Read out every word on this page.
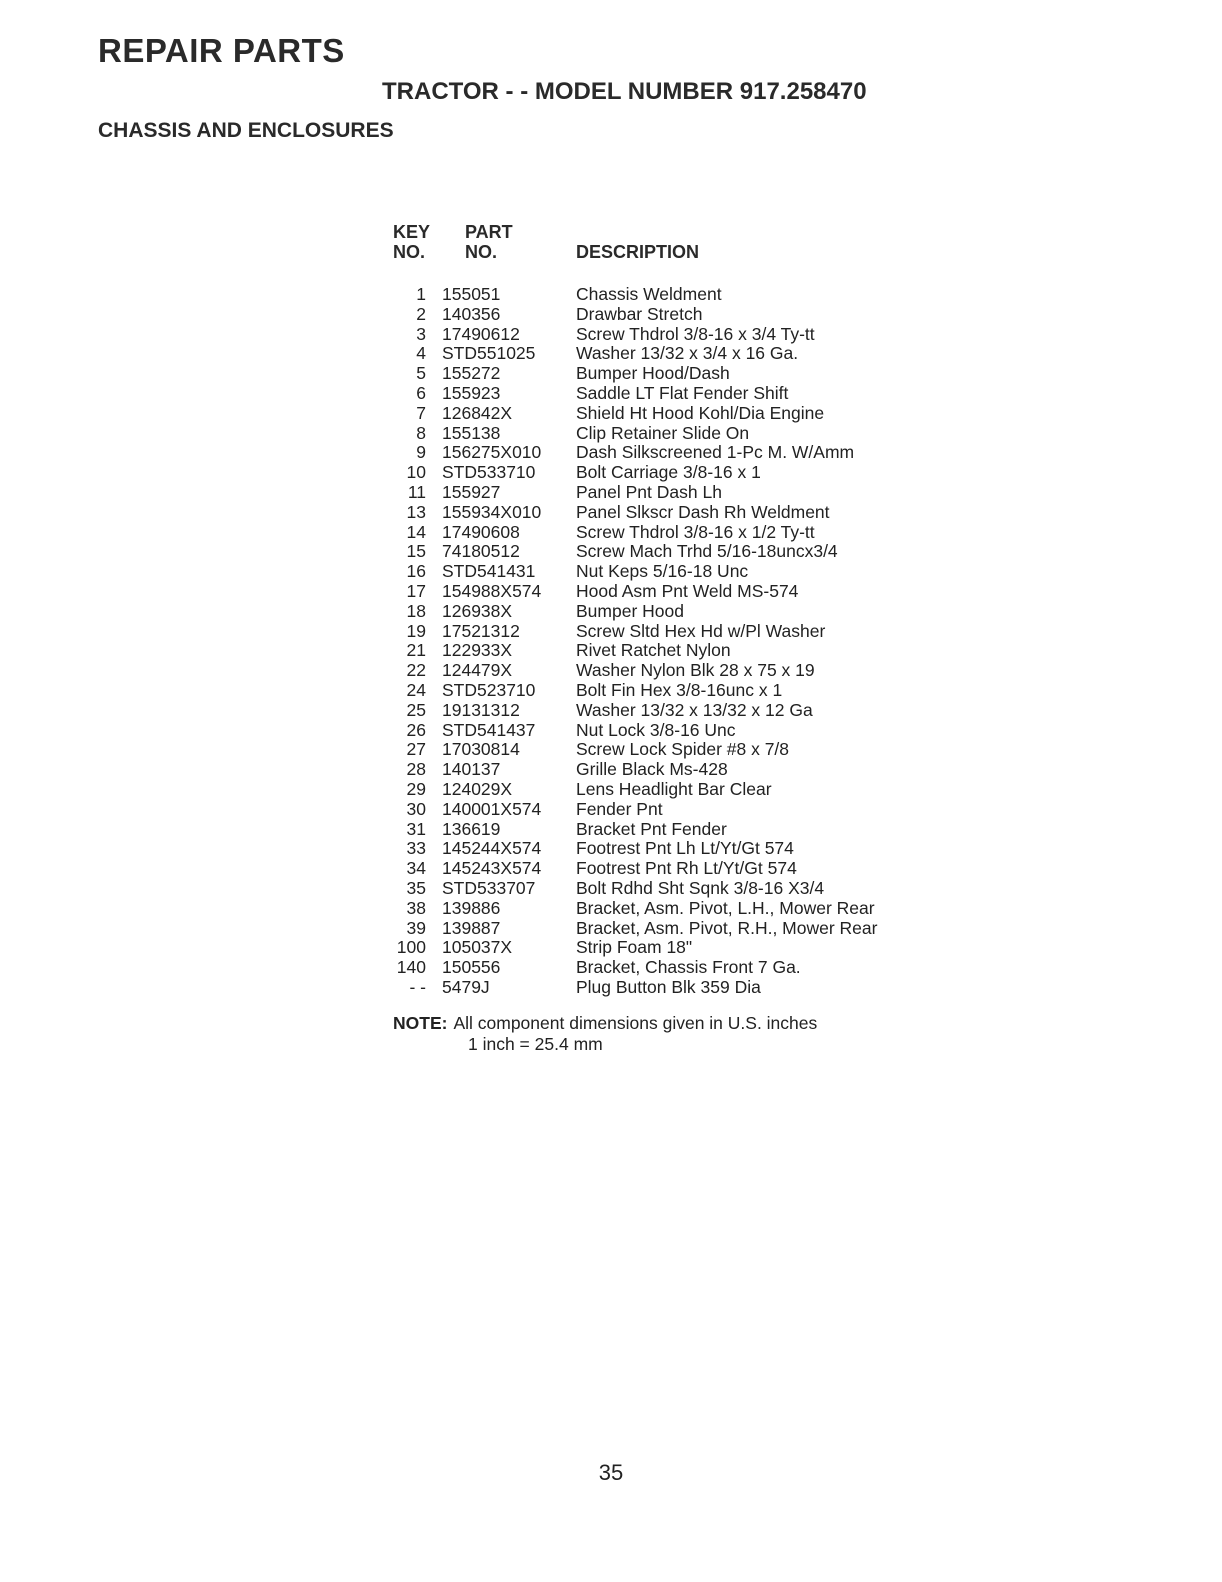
REPAIR PARTS
TRACTOR - - MODEL NUMBER 917.258470
CHASSIS AND ENCLOSURES
KEY
NO.
PART
NO.	DESCRIPTION
1 155051	Chassis Weldment
2 140356	Drawbar Stretch
3 17490612	Screw Thdrol 3/8-16 x 3/4 Ty-tt
4 STD551025 Washer 13/32 x 3/4 x 16 Ga.
5 155272	Bumper Hood/Dash
6 155923	Saddle LT Flat Fender Shift
7 126842X	Shield Ht Hood Kohl/Dia Engine
8 155138	Clip Retainer Slide On
9 156275X010 Dash Silkscreened 1-Pc M. W/Amm
10 STD533710 Bolt Carriage 3/8-16 x 1
11 155927	Panel Pnt Dash Lh
13 155934X010 Panel Slkscr Dash Rh Weldment
14 17490608	Screw Thdrol 3/8-16 x 1/2 Ty-tt
15 74180512	Screw Mach Trhd 5/16-18uncx3/4
16 STD541431 Nut Keps 5/16-18 Unc
17 154988X574 Hood Asm Pnt Weld MS-574
18 126938X	Bumper Hood
19 17521312	Screw Sltd Hex Hd w/Pl Washer
21 122933X	Rivet Ratchet Nylon
22 124479X	Washer Nylon Blk 28 x 75 x 19
24 STD523710 Bolt Fin Hex 3/8-16unc x 1
25 19131312	Washer 13/32 x 13/32 x 12 Ga
26 STD541437 Nut Lock 3/8-16 Unc
27 17030814	Screw Lock Spider #8 x 7/8
28 140137	Grille Black Ms-428
29 124029X	Lens Headlight Bar Clear
30 140001X574 Fender Pnt
31 136619	Bracket Pnt Fender
33 145244X574 Footrest Pnt Lh Lt/Yt/Gt 574
34 145243X574 Footrest Pnt Rh Lt/Yt/Gt 574
35 STD533707 Bolt Rdhd Sht Sqnk 3/8-16 X3/4
38 139886	Bracket, Asm. Pivot, L.H., Mower Rear
39 139887	Bracket, Asm. Pivot, R.H., Mower Rear
100 105037X	Strip Foam 18"
140 150556	Bracket, Chassis Front 7 Ga.
- - 5479J	Plug Button Blk 359 Dia
NOTE: All component dimensions given in U.S. inches
1 inch = 25.4 mm
35
